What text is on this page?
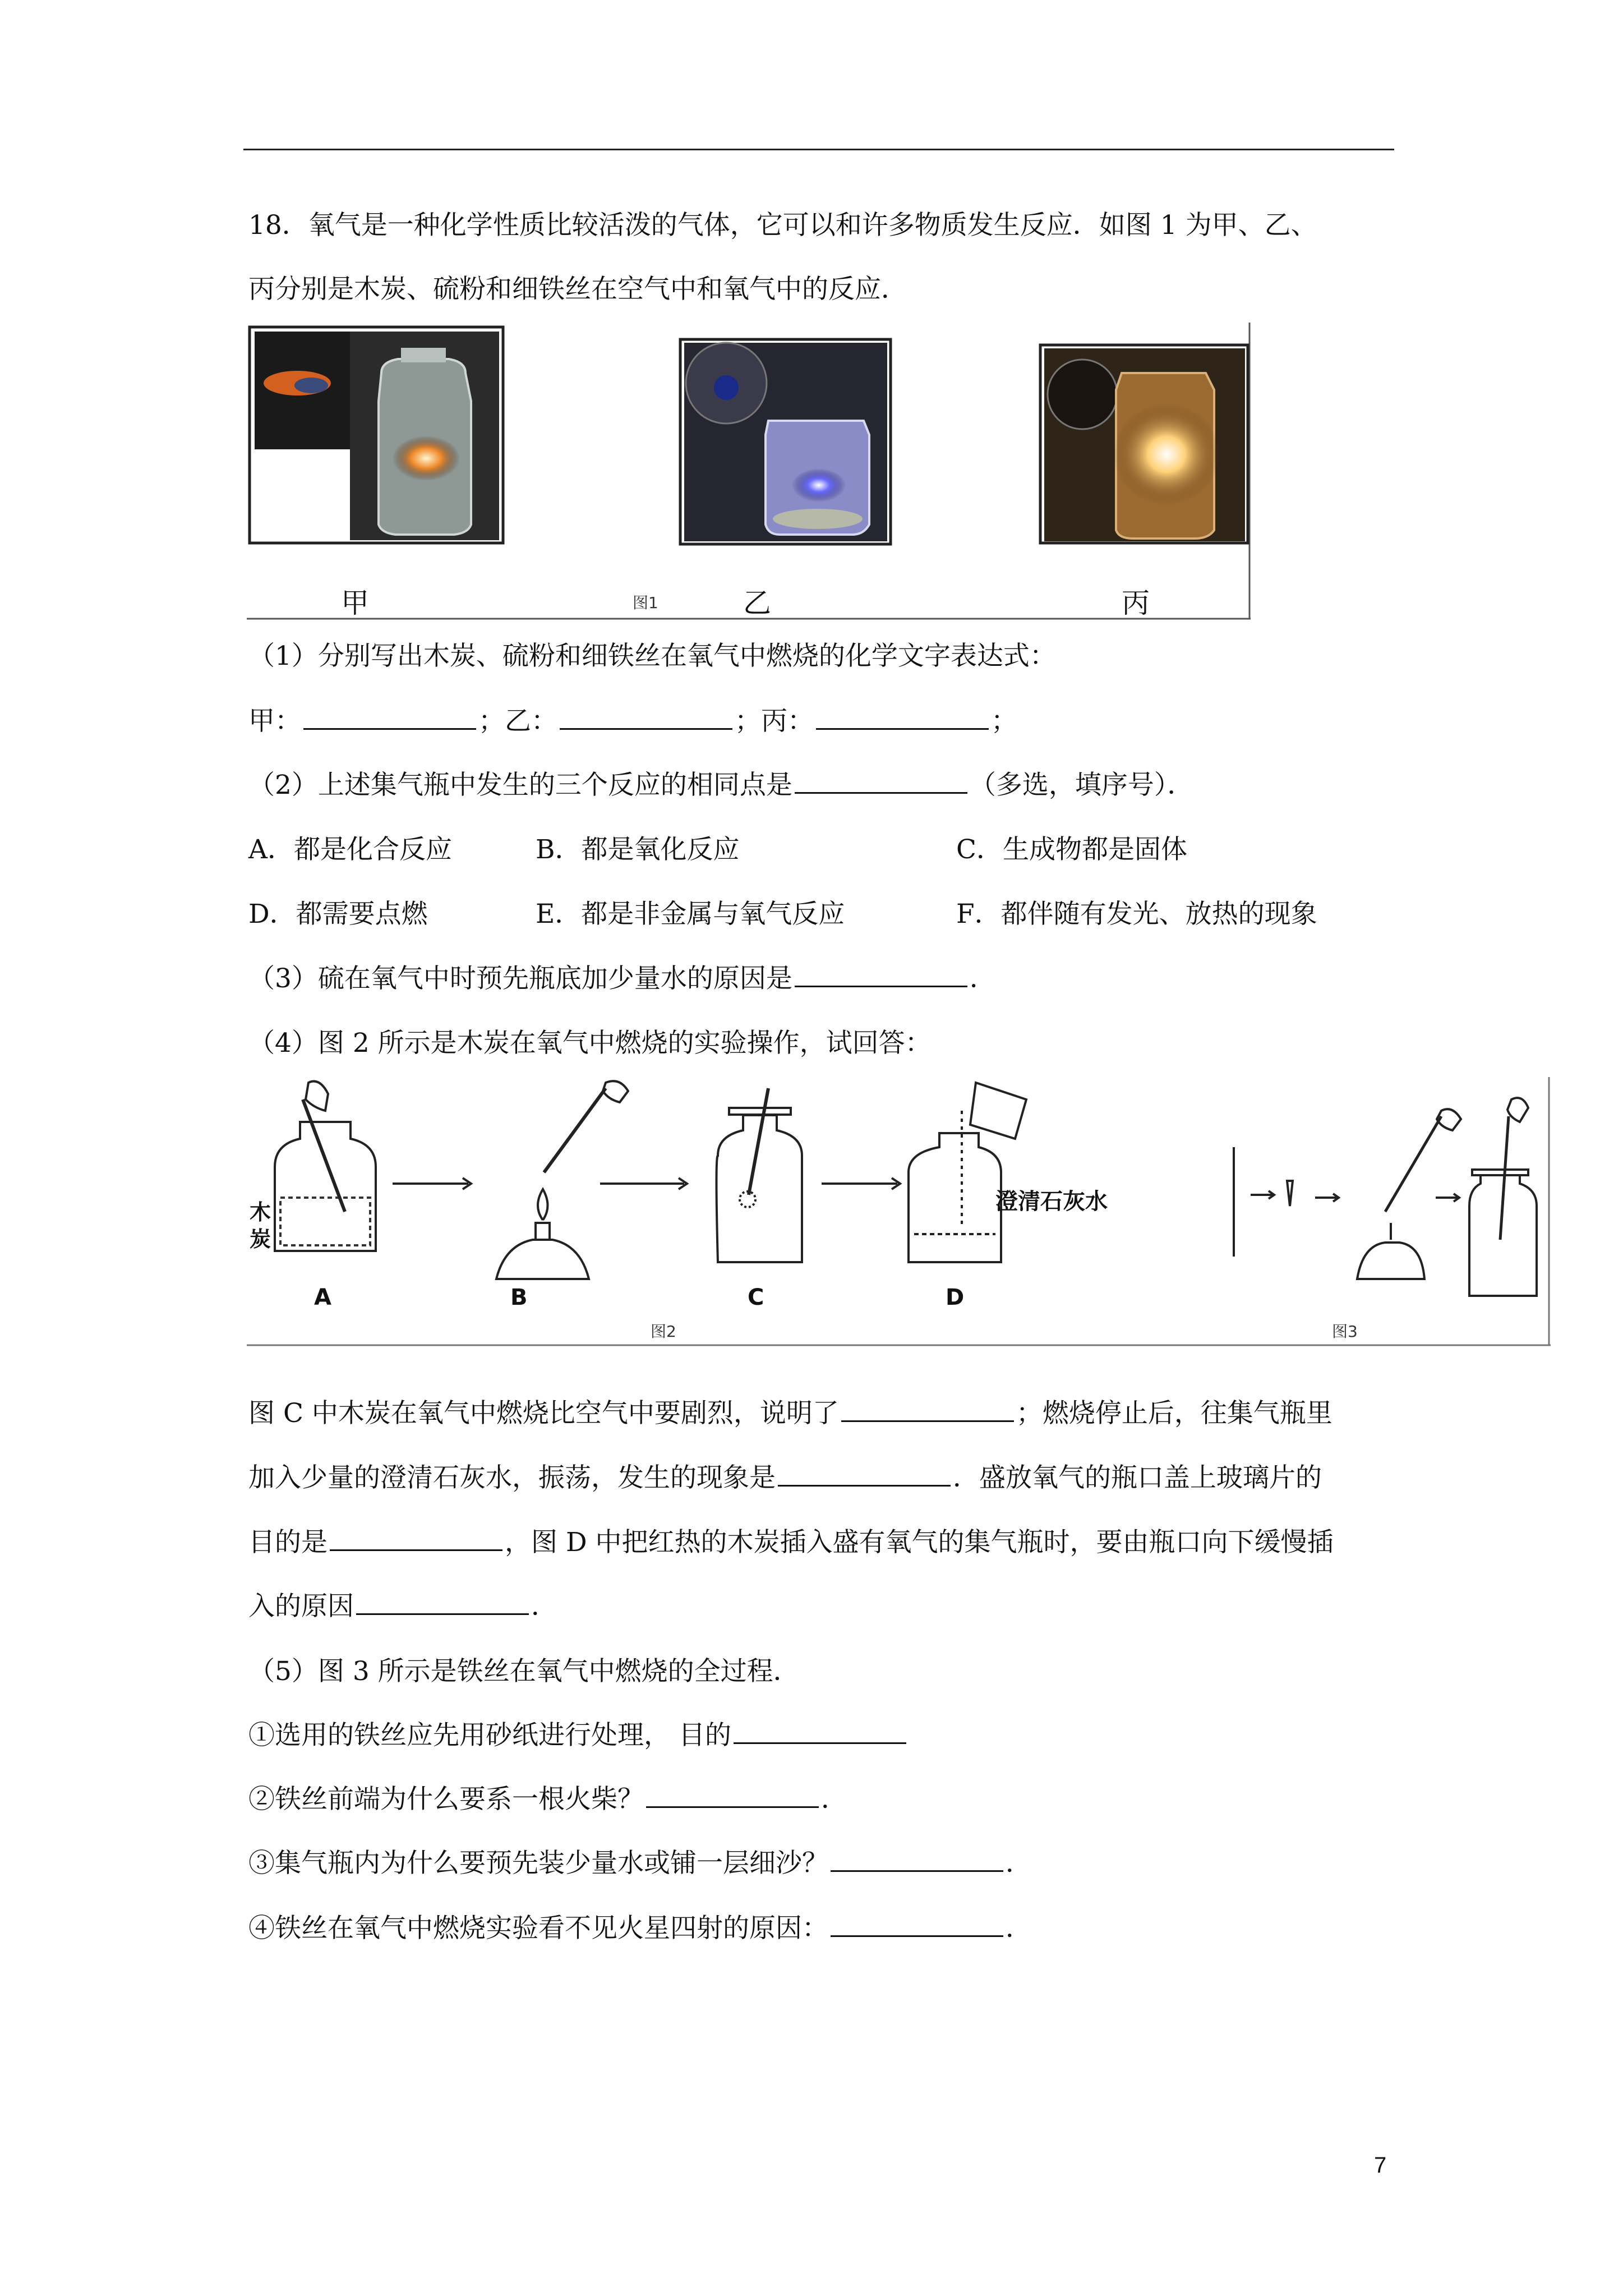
18．氧气是一种化学性质比较活泼的气体，它可以和许多物质发生反应．如图 1 为甲、乙、
丙分别是木炭、硫粉和细铁丝在空气中和氧气中的反应．
甲	图1	乙	丙
（1）分别写出木炭、硫粉和细铁丝在氧气中燃烧的化学文字表达式：
甲：	；乙：	；丙：	；
（2）上述集气瓶中发生的三个反应的相同点是	（多选，填序号）．
A．都是化合反应	B．都是氧化反应	C．生成物都是固体
D．都需要点燃	E．都是非金属与氧气反应	F．都伴随有发光、放热的现象
（3）硫在氧气中时预先瓶底加少量水的原因是	．
（4）图 2 所示是木炭在氧气中燃烧的实验操作，试回答：
木
炭
澄清石灰水
A	B	C	D
图2	图3
图 C 中木炭在氧气中燃烧比空气中要剧烈，说明了	；燃烧停止后，往集气瓶里
加入少量的澄清石灰水，振荡，发生的现象是	．盛放氧气的瓶口盖上玻璃片的
目的是	，图 D 中把红热的木炭插入盛有氧气的集气瓶时，要由瓶口向下缓慢插
入的原因	．
（5）图 3 所示是铁丝在氧气中燃烧的全过程．
①选用的铁丝应先用砂纸进行处理， 目的
②铁丝前端为什么要系一根火柴？	．
③集气瓶内为什么要预先装少量水或铺一层细沙？	．
④铁丝在氧气中燃烧实验看不见火星四射的原因：	．
7
